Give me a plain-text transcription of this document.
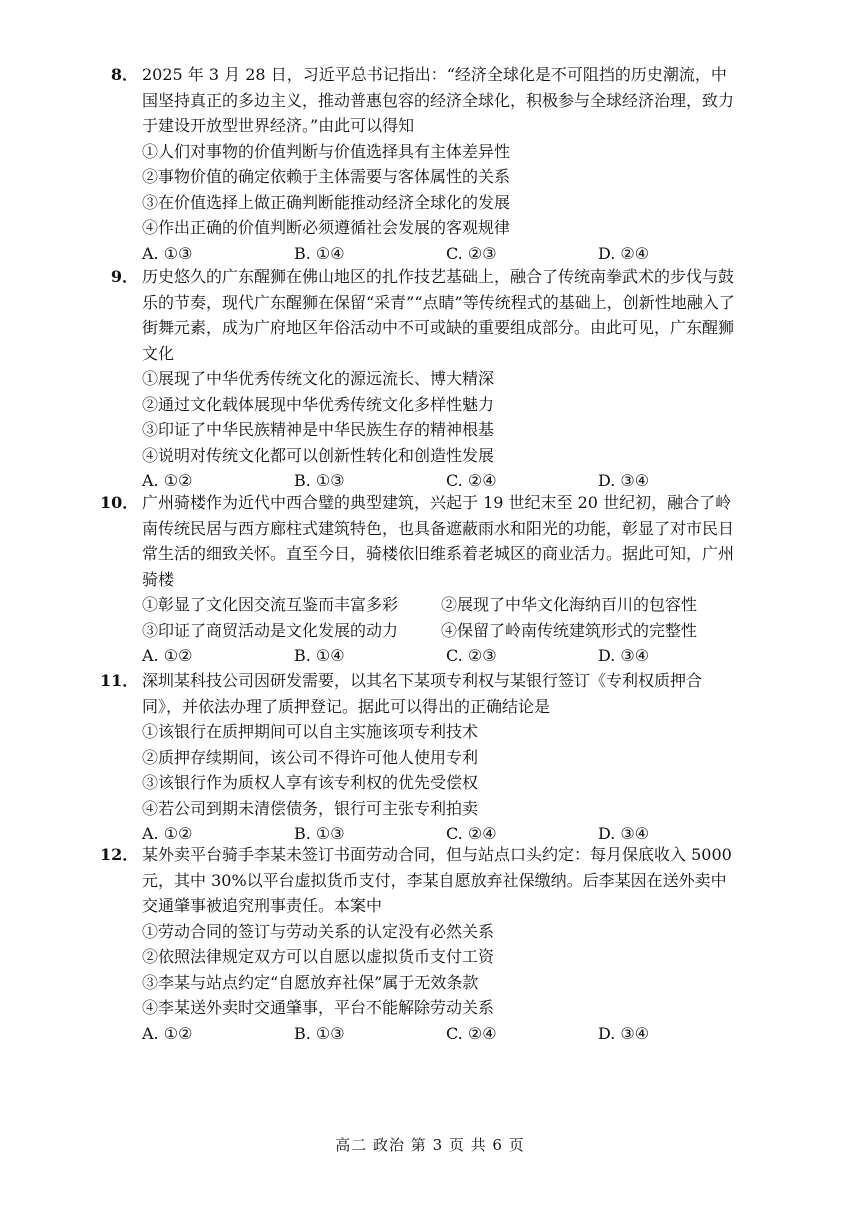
8． 2025 年 3 月 28 日，习近平总书记指出：“经济全球化是不可阻挡的历史潮流，中国坚持真正的多边主义，推动普惠包容的经济全球化，积极参与全球经济治理，致力于建设开放型世界经济。”由此可以得知
①人们对事物的价值判断与价值选择具有主体差异性
②事物价值的确定依赖于主体需要与客体属性的关系
③在价值选择上做正确判断能推动经济全球化的发展
④作出正确的价值判断必须遵循社会发展的客观规律
A. ①③	B. ①④	C. ②③	D. ②④
9． 历史悠久的广东醒狮在佛山地区的扎作技艺基础上，融合了传统南拳武术的步伐与鼓乐的节奏，现代广东醒狮在保留“采青”“点睛”等传统程式的基础上，创新性地融入了街舞元素，成为广府地区年俗活动中不可或缺的重要组成部分。由此可见，广东醒狮文化
①展现了中华优秀传统文化的源远流长、博大精深
②通过文化载体展现中华优秀传统文化多样性魅力
③印证了中华民族精神是中华民族生存的精神根基
④说明对传统文化都可以创新性转化和创造性发展
A. ①②	B. ①③	C. ②④	D. ③④
10． 广州骑楼作为近代中西合璧的典型建筑，兴起于 19 世纪末至 20 世纪初，融合了岭南传统民居与西方廊柱式建筑特色，也具备遮蔽雨水和阳光的功能，彰显了对市民日常生活的细致关怀。直至今日，骑楼依旧维系着老城区的商业活力。据此可知，广州骑楼
①彰显了文化因交流互鉴而丰富多彩	②展现了中华文化海纳百川的包容性
③印证了商贸活动是文化发展的动力	④保留了岭南传统建筑形式的完整性
A. ①②	B. ①④	C. ②③	D. ③④
11． 深圳某科技公司因研发需要，以其名下某项专利权与某银行签订《专利权质押合同》，并依法办理了质押登记。据此可以得出的正确结论是
①该银行在质押期间可以自主实施该项专利技术
②质押存续期间，该公司不得许可他人使用专利
③该银行作为质权人享有该专利权的优先受偿权
④若公司到期未清偿债务，银行可主张专利拍卖
A. ①②	B. ①③	C. ②④	D. ③④
12． 某外卖平台骑手李某未签订书面劳动合同，但与站点口头约定：每月保底收入 5000 元，其中 30%以平台虚拟货币支付，李某自愿放弃社保缴纳。后李某因在送外卖中交通肇事被追究刑事责任。本案中
①劳动合同的签订与劳动关系的认定没有必然关系
②依照法律规定双方可以自愿以虚拟货币支付工资
③李某与站点约定“自愿放弃社保”属于无效条款
④李某送外卖时交通肇事，平台不能解除劳动关系
A. ①②	B. ①③	C. ②④	D. ③④
高二 政治 第 3 页 共 6 页
